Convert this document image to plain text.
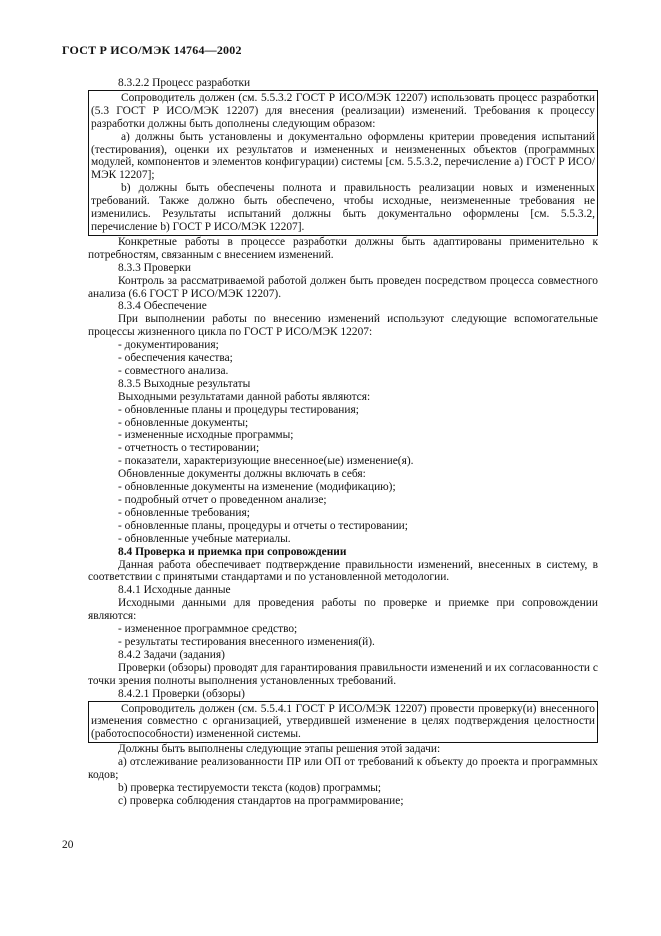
ГОСТ Р ИСО/МЭК 14764—2002

8.3.2.2 Процесс разработки

Сопроводитель должен (см. 5.5.3.2 ГОСТ Р ИСО/МЭК 12207) использовать процесс разработки (5.3 ГОСТ Р ИСО/МЭК 12207) для внесения (реализации) изменений. Требования к процессу разработки должны быть дополнены следующим образом:

а) должны быть установлены и документально оформлены критерии проведения испытаний (тестирования), оценки их результатов и измененных и неизмененных объектов (программных модулей, компонентов и элементов конфигурации) системы [см. 5.5.3.2, перечисление а) ГОСТ Р ИСО/МЭК 12207];

b) должны быть обеспечены полнота и правильность реализации новых и измененных требований. Также должно быть обеспечено, чтобы исходные, неизмененные требования не изменились. Результаты испытаний должны быть документально оформлены [см. 5.5.3.2, перечисление b) ГОСТ Р ИСО/МЭК 12207].

Конкретные работы в процессе разработки должны быть адаптированы применительно к потребностям, связанным с внесением изменений.

8.3.3 Проверки

Контроль за рассматриваемой работой должен быть проведен посредством процесса совместного анализа (6.6 ГОСТ Р ИСО/МЭК 12207).

8.3.4 Обеспечение

При выполнении работы по внесению изменений используют следующие вспомогательные процессы жизненного цикла по ГОСТ Р ИСО/МЭК 12207:

- документирования;

- обеспечения качества;

- совместного анализа.

8.3.5 Выходные результаты

Выходными результатами данной работы являются:

- обновленные планы и процедуры тестирования;

- обновленные документы;

- измененные исходные программы;

- отчетность о тестировании;

- показатели, характеризующие внесенное(ые) изменение(я).

Обновленные документы должны включать в себя:

- обновленные документы на изменение (модификацию);

- подробный отчет о проведенном анализе;

- обновленные требования;

- обновленные планы, процедуры и отчеты о тестировании;

- обновленные учебные материалы.

8.4 Проверка и приемка при сопровождении

Данная работа обеспечивает подтверждение правильности изменений, внесенных в систему, в соответствии с принятыми стандартами и по установленной методологии.

8.4.1 Исходные данные

Исходными данными для проведения работы по проверке и приемке при сопровождении являются:

- измененное программное средство;

- результаты тестирования внесенного изменения(й).

8.4.2 Задачи (задания)

Проверки (обзоры) проводят для гарантирования правильности изменений и их согласованности с точки зрения полноты выполнения установленных требований.

8.4.2.1 Проверки (обзоры)

Сопроводитель должен (см. 5.5.4.1 ГОСТ Р ИСО/МЭК 12207) провести проверку(и) внесенного изменения совместно с организацией, утвердившей изменение в целях подтверждения целостности (работоспособности) измененной системы.

Должны быть выполнены следующие этапы решения этой задачи:

а) отслеживание реализованности ПР или ОП от требований к объекту до проекта и программных кодов;

b) проверка тестируемости текста (кодов) программы;

с) проверка соблюдения стандартов на программирование;

20
